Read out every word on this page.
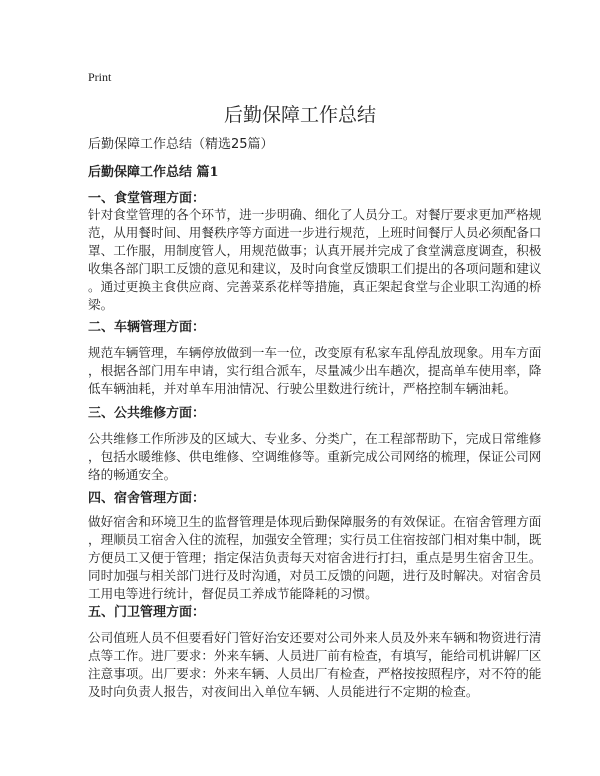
Print
后勤保障工作总结
后勤保障工作总结（精选25篇）
后勤保障工作总结 篇1
一、食堂管理方面：
针对食堂管理的各个环节，进一步明确、细化了人员分工。对餐厅要求更加严格规
范，从用餐时间、用餐秩序等方面进一步进行规范，上班时间餐厅人员必须配备口
罩、工作服，用制度管人，用规范做事；认真开展并完成了食堂满意度调查，积极
收集各部门职工反馈的意见和建议，及时向食堂反馈职工们提出的各项问题和建议
。通过更换主食供应商、完善菜系花样等措施，真正架起食堂与企业职工沟通的桥
梁。
二、车辆管理方面：
规范车辆管理，车辆停放做到一车一位，改变原有私家车乱停乱放现象。用车方面
，根据各部门用车申请，实行组合派车，尽量减少出车趟次，提高单车使用率，降
低车辆油耗，并对单车用油情况、行驶公里数进行统计，严格控制车辆油耗。
三、公共维修方面：
公共维修工作所涉及的区域大、专业多、分类广，在工程部帮助下，完成日常维修
，包括水暖维修、供电维修、空调维修等。重新完成公司网络的梳理，保证公司网
络的畅通安全。
四、宿舍管理方面：
做好宿舍和环境卫生的监督管理是体现后勤保障服务的有效保证。在宿舍管理方面
，理顺员工宿舍入住的流程，加强安全管理；实行员工住宿按部门相对集中制，既
方便员工又便于管理；指定保洁负责每天对宿舍进行打扫，重点是男生宿舍卫生。
同时加强与相关部门进行及时沟通，对员工反馈的问题，进行及时解决。对宿舍员
工用电等进行统计，督促员工养成节能降耗的习惯。
五、门卫管理方面：
公司值班人员不但要看好门管好治安还要对公司外来人员及外来车辆和物资进行清
点等工作。进厂要求：外来车辆、人员进厂前有检查，有填写，能给司机讲解厂区
注意事项。出厂要求：外来车辆、人员出厂有检查，严格按按照程序，对不符的能
及时向负责人报告，对夜间出入单位车辆、人员能进行不定期的检查。
